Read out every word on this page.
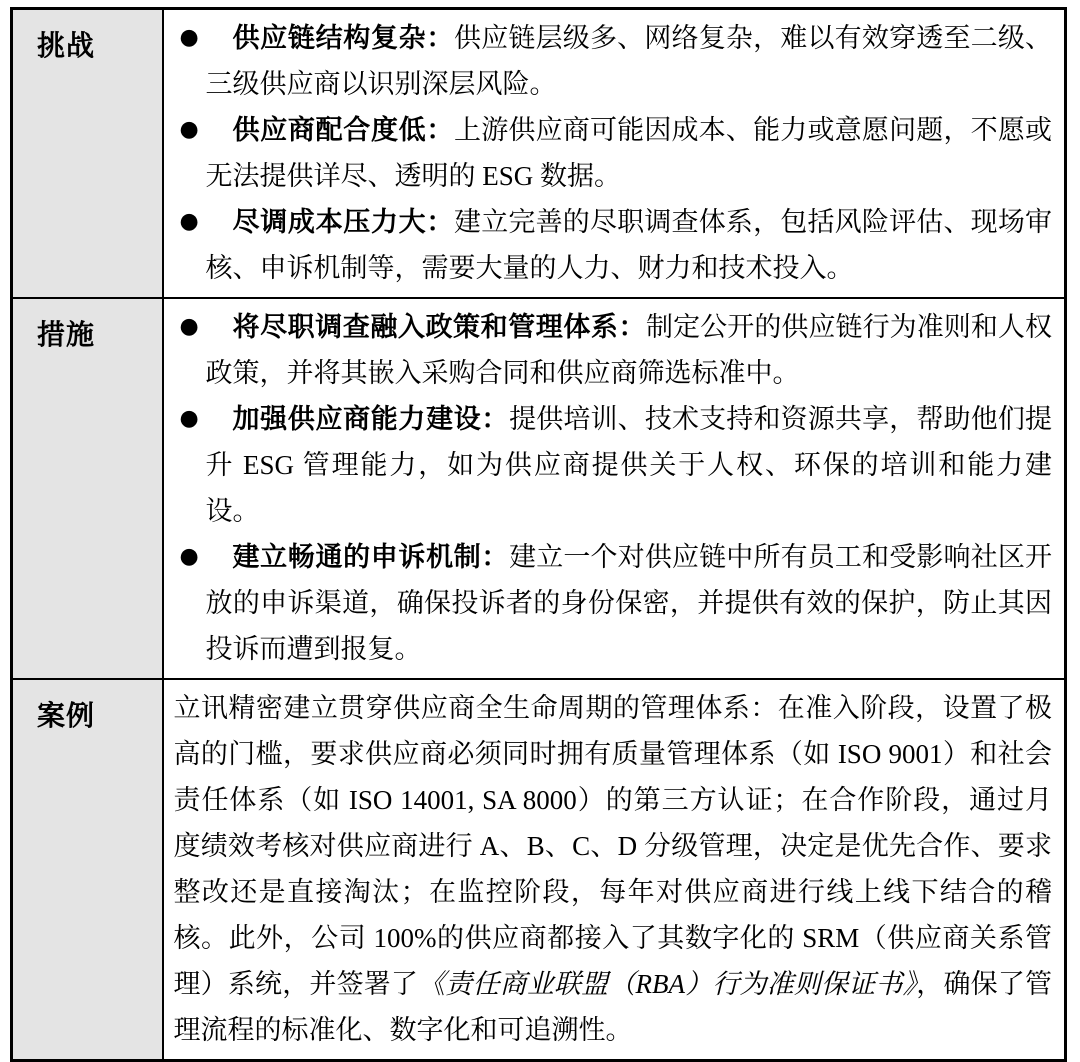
挑战	● 供应链结构复杂：供应链层级多、网络复杂，难以有效穿透至二级、三级供应商以识别深层风险。
● 供应商配合度低：上游供应商可能因成本、能力或意愿问题，不愿或无法提供详尽、透明的 ESG 数据。
● 尽调成本压力大：建立完善的尽职调查体系，包括风险评估、现场审核、申诉机制等，需要大量的人力、财力和技术投入。

措施	● 将尽职调查融入政策和管理体系：制定公开的供应链行为准则和人权政策，并将其嵌入采购合同和供应商筛选标准中。
● 加强供应商能力建设：提供培训、技术支持和资源共享，帮助他们提升 ESG 管理能力，如为供应商提供关于人权、环保的培训和能力建设。
● 建立畅通的申诉机制：建立一个对供应链中所有员工和受影响社区开放的申诉渠道，确保投诉者的身份保密，并提供有效的保护，防止其因投诉而遭到报复。

案例	立讯精密建立贯穿供应商全生命周期的管理体系：在准入阶段，设置了极高的门槛，要求供应商必须同时拥有质量管理体系（如 ISO 9001）和社会责任体系（如 ISO 14001, SA 8000）的第三方认证；在合作阶段，通过月度绩效考核对供应商进行 A、B、C、D 分级管理，决定是优先合作、要求整改还是直接淘汰；在监控阶段，每年对供应商进行线上线下结合的稽核。此外，公司 100%的供应商都接入了其数字化的 SRM（供应商关系管理）系统，并签署了《责任商业联盟（RBA）行为准则保证书》，确保了管理流程的标准化、数字化和可追溯性。
